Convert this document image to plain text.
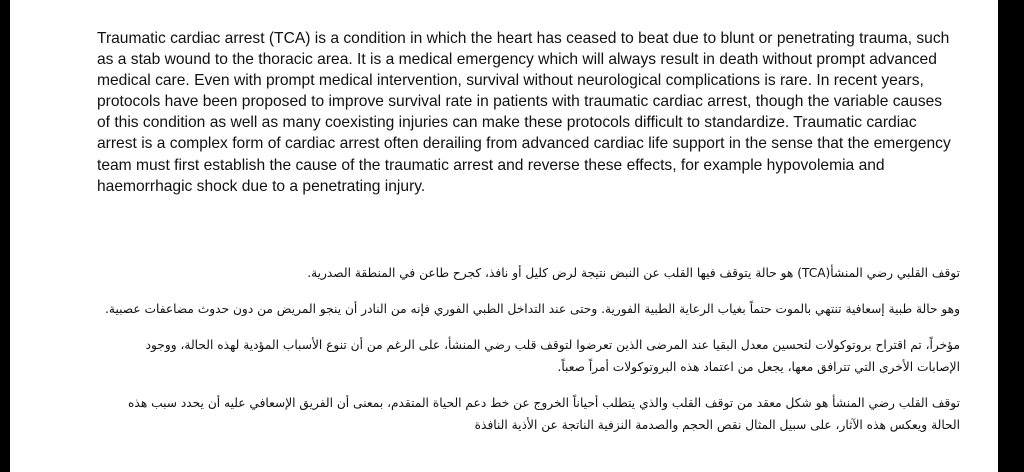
Traumatic cardiac arrest (TCA) is a condition in which the heart has ceased to beat due to blunt or penetrating trauma, such as a stab wound to the thoracic area. It is a medical emergency which will always result in death without prompt advanced medical care. Even with prompt medical intervention, survival without neurological complications is rare. In recent years, protocols have been proposed to improve survival rate in patients with traumatic cardiac arrest, though the variable causes of this condition as well as many coexisting injuries can make these protocols difficult to standardize. Traumatic cardiac arrest is a complex form of cardiac arrest often derailing from advanced cardiac life support in the sense that the emergency team must first establish the cause of the traumatic arrest and reverse these effects, for example hypovolemia and haemorrhagic shock due to a penetrating injury.

توقف القلبي رضي المنشأ(TCA) هو حالة يتوقف فيها القلب عن النبض نتيجة لرض كليل أو نافذ، كجرح طاعن في المنطقة الصدرية.

وهو حالة طبية إسعافية تنتهي بالموت حتماً بغياب الرعاية الطبية الفورية. وحتى عند التداخل الطبي الفوري فإنه من النادر أن ينجو المريض من دون حدوث مضاعفات عصبية.

مؤخراً، تم اقتراح بروتوكولات لتحسين معدل البقيا عند المرضى الذين تعرضوا لتوقف قلب رضي المنشأ، على الرغم من أن تنوع الأسباب المؤدية لهذه الحالة، ووجود الإصابات الأخرى التي تترافق معها، يجعل من اعتماد هذه البروتوكولات أمراً صعباً.

توقف القلب رضي المنشأ هو شكل معقد من توقف القلب والذي يتطلب أحياناً الخروج عن خط دعم الحياة المتقدم، بمعنى أن الفريق الإسعافي عليه أن يحدد سبب هذه الحالة ويعكس هذه الآثار، على سبيل المثال نقص الحجم والصدمة النزفية الناتجة عن الأذية النافذة
